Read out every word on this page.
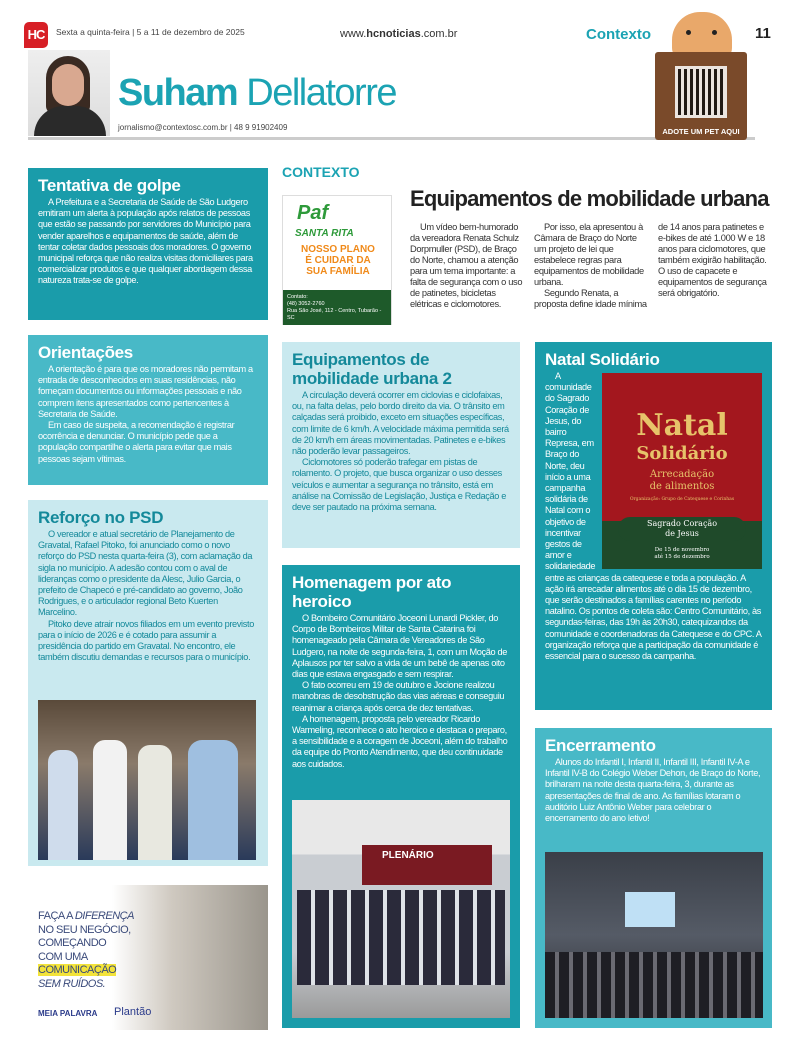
HC	Sexta a quinta-feira | 5 a 11 de dezembro de 2025	www.hcnoticias.com.br	Contexto	11
Suham Dellatorre
jornalismo@contextosc.com.br | 48 9 91902409	ADOTE UM PET AQUI
Tentativa de golpe

A Prefeitura e a Secretaria de Saúde de São Ludgero emitiram um alerta à população após relatos de pessoas que estão se passando por servidores do Município para vender aparelhos e equipamentos de saúde, além de tentar coletar dados pessoais dos moradores. O governo municipal reforça que não realiza visitas domiciliares para comercializar produtos e que qualquer abordagem dessa natureza trata-se de golpe.

Orientações

A orientação é para que os moradores não permitam a entrada de desconhecidos em suas residências, não forneçam documentos ou informações pessoais e não comprem itens apresentados como pertencentes à Secretaria de Saúde.

Em caso de suspeita, a recomendação é registrar ocorrência e denunciar. O município pede que a população compartilhe o alerta para evitar que mais pessoas sejam vítimas.

Reforço no PSD

O vereador e atual secretário de Planejamento de Gravatal, Rafael Pitoko, foi anunciado como o novo reforço do PSD nesta quarta-feira (3), com aclamação da sigla no município. A adesão contou com o aval de lideranças como o presidente da Alesc, Julio Garcia, o prefeito de Chapecó e pré-candidato ao governo, João Rodrigues, e o articulador regional Beto Kuerten Marcelino.

Pitoko deve atrair novos filiados em um evento previsto para o início de 2026 e é cotado para assumir a presidência do partido em Gravatal. No encontro, ele também discutiu demandas e recursos para o município.

FAÇA A DIFERENÇA
NO SEU NEGÓCIO,
COMEÇANDO
COM UMA
COMUNICAÇÃO
SEM RUÍDOS.
MEIA PALAVRA Plantão
CONTEXTO
Paf
SANTA RITA
NOSSO PLANO
É CUIDAR DA
SUA FAMÍLIA
Contato:
(48) 3052-2760
Rua São José, 112 - Centro, Tubarão - SC
Equipamentos de mobilidade urbana

Um vídeo bem-humorado da vereadora Renata Schulz Dorpmuller (PSD), de Braço do Norte, chamou a atenção para um tema importante: a falta de segurança com o uso de patinetes, bicicletas elétricas e ciclomotores.

Por isso, ela apresentou à Câmara de Braço do Norte um projeto de lei que estabelece regras para equipamentos de mobilidade urbana.

Segundo Renata, a proposta define idade mínima de 14 anos para patinetes e e-bikes de até 1.000 W e 18 anos para ciclomotores, que também exigirão habilitação. O uso de capacete e equipamentos de segurança será obrigatório.

Equipamentos de mobilidade urbana 2

A circulação deverá ocorrer em ciclovias e ciclofaixas, ou, na falta delas, pelo bordo direito da via. O trânsito em calçadas será proibido, exceto em situações específicas, com limite de 6 km/h. A velocidade máxima permitida será de 20 km/h em áreas movimentadas. Patinetes e e-bikes não poderão levar passageiros.

Ciclomotores só poderão trafegar em pistas de rolamento. O projeto, que busca organizar o uso desses veículos e aumentar a segurança no trânsito, está em análise na Comissão de Legislação, Justiça e Redação e deve ser pautado na próxima semana.

Homenagem por ato heroico

O Bombeiro Comunitário Joceoni Lunardi Pickler, do Corpo de Bombeiros Militar de Santa Catarina foi homenageado pela Câmara de Vereadores de São Ludgero, na noite de segunda-feira, 1, com um Moção de Aplausos por ter salvo a vida de um bebê de apenas oito dias que estava engasgado e sem respirar.

O fato ocorreu em 19 de outubro e Jocione realizou manobras de desobstrução das vias aéreas e conseguiu reanimar a criança após cerca de dez tentativas.

A homenagem, proposta pelo vereador Ricardo Warmeling, reconhece o ato heroico e destaca o preparo, a sensibilidade e a coragem de Joceoni, além do trabalho da equipe do Pronto Atendimento, que deu continuidade aos cuidados.

PLENÁRIO
Natal Solidário
Natal
Solidário
Arrecadação
de alimentos
Organização: Grupo de Catequese e Corinhas
Sagrado Coração
de Jesus
De 15 de novembro
até 15 de dezembro

A comunidade do Sagrado Coração de Jesus, do bairro Represa, em Braço do Norte, deu início a uma campanha solidária de Natal com o objetivo de incentivar gestos de amor e solidariedade entre as crianças da catequese e toda a população. A ação irá arrecadar alimentos até o dia 15 de dezembro, que serão destinados a famílias carentes no período natalino. Os pontos de coleta são: Centro Comunitário, às segundas-feiras, das 19h às 20h30, catequizandos da comunidade e coordenadoras da Catequese e do CPC. A organização reforça que a participação da comunidade é essencial para o sucesso da campanha.

Encerramento

Alunos do Infantil I, Infantil II, Infantil III, Infantil IV-A e Infantil IV-B do Colégio Weber Dehon, de Braço do Norte, brilharam na noite desta quarta-feira, 3, durante as apresentações de final de ano. As famílias lotaram o auditório Luiz Antônio Weber para celebrar o encerramento do ano letivo!
